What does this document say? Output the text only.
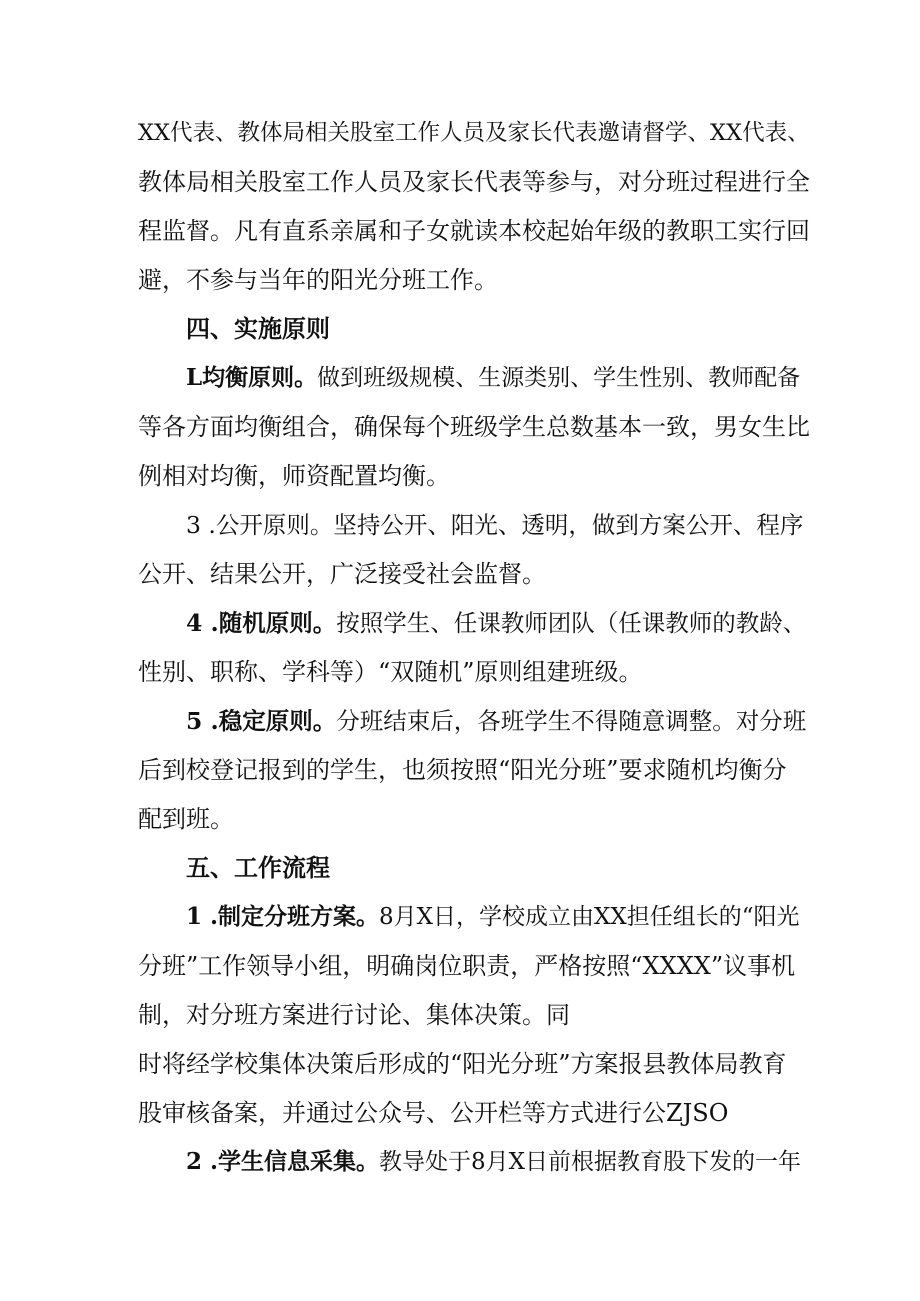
XX代表、教体局相关股室工作人员及家长代表邀请督学、XX代表、
教体局相关股室工作人员及家长代表等参与，对分班过程进行全
程监督。凡有直系亲属和子女就读本校起始年级的教职工实行回
避，不参与当年的阳光分班工作。
四、实施原则
L均衡原则。做到班级规模、生源类别、学生性别、教师配备
等各方面均衡组合，确保每个班级学生总数基本一致，男女生比
例相对均衡，师资配置均衡。
3 .公开原则。坚持公开、阳光、透明，做到方案公开、程序
公开、结果公开，广泛接受社会监督。
4 .随机原则。按照学生、任课教师团队（任课教师的教龄、
性别、职称、学科等）“双随机”原则组建班级。
5 .稳定原则。分班结束后，各班学生不得随意调整。对分班
后到校登记报到的学生，也须按照“阳光分班”要求随机均衡分
配到班。
五、工作流程
1 .制定分班方案。8月X日，学校成立由XX担任组长的“阳光
分班”工作领导小组，明确岗位职责，严格按照“XXXX”议事机
制，对分班方案进行讨论、集体决策。同
时将经学校集体决策后形成的“阳光分班”方案报县教体局教育
股审核备案，并通过公众号、公开栏等方式进行公ZJSO
2 .学生信息采集。教导处于8月X日前根据教育股下发的一年
